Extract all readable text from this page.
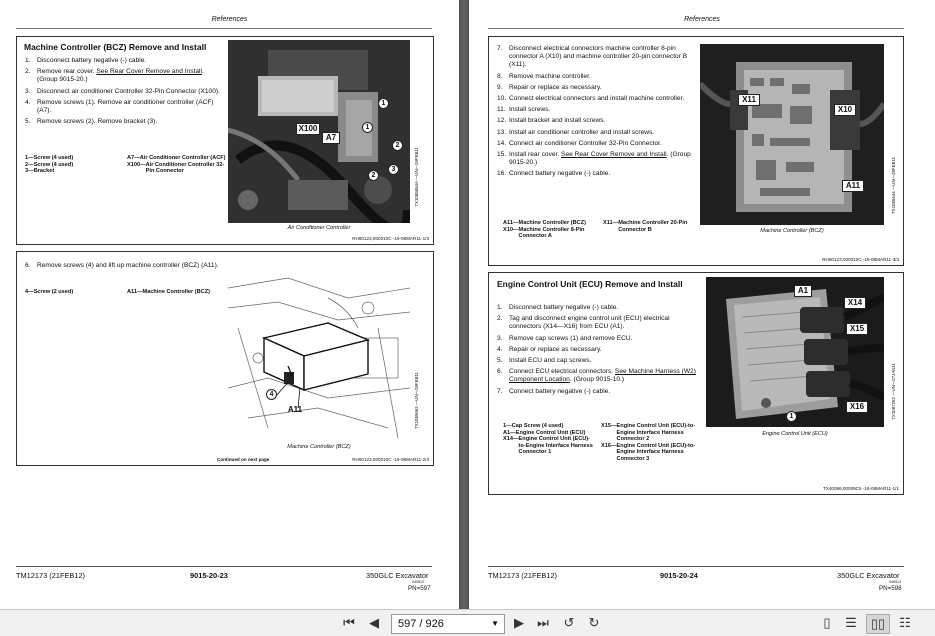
References
Machine Controller (BCZ) Remove and Install
1. Disconnect battery negative (-) cable.
2. Remove rear cover. See Rear Cover Remove and Install. (Group 9015-20.)
3. Disconnect air conditioner Controller 32-Pin Connector (X100).
4. Remove screws (1). Remove air conditioner controller (ACF) (A7).
5. Remove screws (2). Remove bracket (3).
1—Screw (4 used)
2—Screw (4 used)
3—Bracket
A7— Air Conditioner Controller (ACF)
X100— Air Conditioner Controller 32-Pin Connector
X100
A7
1
1
2
2
3	TX1085854A —UN—28FEB11
Air Conditioner Controller
RH60123,000010C -19-08MAR11-1/3
6. Remove screws (4) and lift up machine controller (BCZ) (A11).
4—Screw (2 used)	A11— Machine Controller (BCZ)
4
A11	TX1089663 —UN—28FEB11
Machine Controller (BCZ)
Continued on next page	RH60123,000010C -19-08MAR11-2/3
TM12173 (21FEB12)	9015-20-23	350GLC Excavator
040513
PN=597
References
7. Disconnect electrical connectors machine controller 8-pin connector A (X10) and machine controller 20-pin connector B (X11).
8. Remove machine controller.
9. Repair or replace as necessary.
10. Connect electrical connectors and install machine controller.
11. Install screws.
12. Install bracket and install screws.
13. Install air conditioner controller and install screws.
14. Connect air conditioner Controller 32-Pin Connector.
15. Install rear cover. See Rear Cover Remove and Install. (Group 9015-20.)
16. Connect battery negative (-) cable.
A11— Machine Controller (BCZ)
X10— Machine Controller 8-Pin Connector A
X11— Machine Controller 20-Pin Connector B
X11
X10
A11	TX1085644 —UN—28FEB11
Machine Controller (BCZ)
RH60123,000010C -19-08MAR11-3/3
Engine Control Unit (ECU) Remove and Install
1. Disconnect battery negative (-) cable.
2. Tag and disconnect engine control unit (ECU) electrical connectors (X14—X16) from ECU (A1).
3. Remove cap screws (1) and remove ECU.
4. Repair or replace as necessary.
5. Install ECU and cap screws.
6. Connect ECU electrical connectors. See Machine Harness (W2) Component Location. (Group 9015-10.)
7. Connect battery negative (-) cable.
1— Cap Screw (4 used)
A1— Engine Control Unit (ECU)
X14— Engine Control Unit (ECU)-to-Engine Interface Harness Connector 1
X15— Engine Control Unit (ECU)-to-Engine Interface Harness Connector 2
X16— Engine Control Unit (ECU)-to-Engine Interface Harness Connector 3
A1
X14
X15
X16
1	TX1087262 —UN—27JAN11
Engine Control Unit (ECU)
TX40086,00009C5 -19-08MAR11-1/1
TM12173 (21FEB12)	9015-20-24	350GLC Excavator
040513
PN=598
⏮ ◀ 597 / 926	▼ ▶ ⏭ ↺ ↻	▯	☰	▯▯	☷
